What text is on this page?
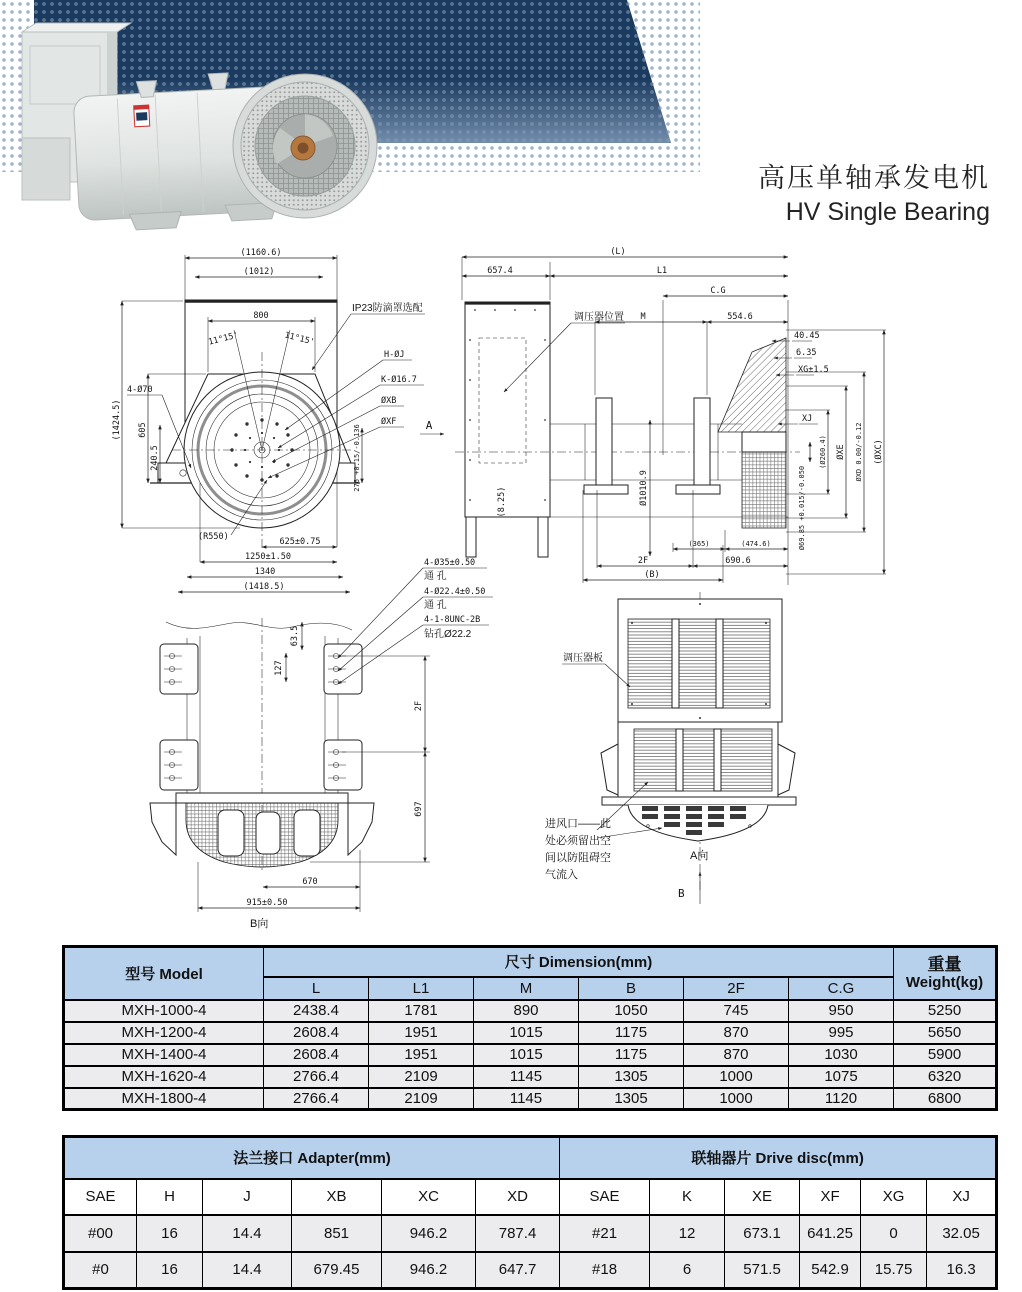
高压单轴承发电机
HV Single Bearing
(1160.6)
(1012)
800
11°15'	11°15'
IP23防滴罩选配
H-ØJ
K-Ø16.7
ØXB
ØXF
4-Ø70
(1424.5) 605
240.5	276 +0.15/-0.136
(R550)	625±0.75
1250±1.50
1340
(1418.5)
A
(L)
657.4	L1
C.G
M	554.6
调压器位置
40.45
6.35
XG±1.5
XJ
(Ø260.4) ØXE ØXD 0.00/-0.12 (ØXC)
Ø69.85 +0.015/-0.050
(8.25)	Ø1010.9
(365)	(474.6)
2F	690.6
(B)
4-Ø35±0.50
通 孔
4-Ø22.4±0.50
通 孔
4-1-8UNC-2B
钻孔Ø22.2
63.5
127
2F
697
670
915±0.50
B向
调压器板
进风口——此
处必须留出空
间以防阻碍空
气流入
A向
B
型号 Model	尺寸 Dimension(mm)						重量
Weight(kg)

	L	L1	M	B	2F	C.G	
MXH-1000-4	2438.4	1781	890	1050	745	950	5250
MXH-1200-4	2608.4	1951	1015	1175	870	995	5650
MXH-1400-4	2608.4	1951	1015	1175	870	1030	5900
MXH-1620-4	2766.4	2109	1145	1305	1000	1075	6320
MXH-1800-4	2766.4	2109	1145	1305	1000	1120	6800
法兰接口 Adapter(mm)						联轴器片 Drive disc(mm)					
SAE	H	J	XB	XC	XD	SAE	K	XE	XF	XG	XJ
#00	16	14.4	851	946.2	787.4	#21	12	673.1	641.25	0	32.05
#0	16	14.4	679.45	946.2	647.7	#18	6	571.5	542.9	15.75	16.3
